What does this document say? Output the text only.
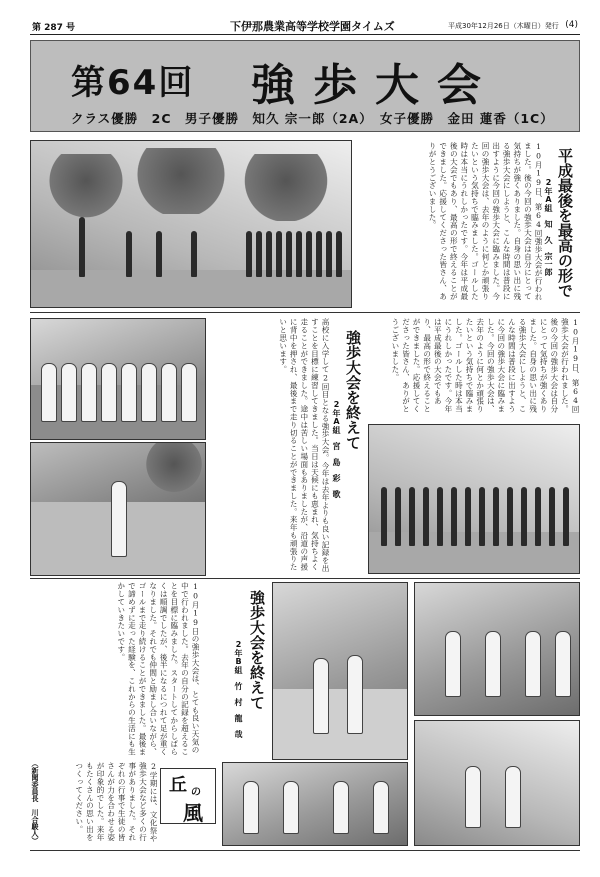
第 287 号	下伊那農業高等学校学園タイムズ	平成30年12月26日（木曜日）発行 (4)
第64回 強歩大会
クラス優勝　2C　男子優勝　知久 宗一郎（2A）　女子優勝　金田 蓮香（1C）
10月19日、第64回強歩大会が行われました。後の今回の強歩大会は自分にとって気持ちが強くありました。自身の思い出に残る強歩大会にしようと、こんな時間は普段に出すように今回の強歩大会に臨みました。今回の強歩大会は、去年のように何とか頑張りたいという気持ちで臨みました。ゴールした時は本当にうれしかったです。今年は平成最後の大会でもあり、最高の形で終えることができました。応援してくださった皆さん、ありがとうございました。	平成最後を最高の形で
2年A組　知　久　宗一郎
高校に入学して2回目となる強歩大会。今年は去年よりも良い記録を出すことを目標に練習してきました。当日は天候にも恵まれ、気持ちよく走ることができました。途中は苦しい場面もありましたが、沿道の声援に背中を押され、最後まで走り切ることができました。来年も頑張りたいと思います。
2年A組　宮　島　彩　歌 強歩大会を終えて	10月19日、第64回強歩大会が行われました。後の今回の強歩大会は自分にとって気持ちが強くありました。自身の思い出に残る強歩大会にしようと、こんな時間は普段に出すように今回の強歩大会に臨みました。今回の強歩大会は、去年のように何とか頑張りたいという気持ちで臨みました。ゴールした時は本当にうれしかったです。今年は平成最後の大会でもあり、最高の形で終えることができました。応援してくださった皆さん、ありがとうございました。
10月19日の強歩大会は、とても良い天気の中で行われました。去年の自分の記録を超えることを目標に臨みました。スタートしてからしばらくは順調でしたが、後半になるにつれて足が重くなりました。それでも仲間と励まし合いながら、ゴールまで走り続けることができました。最後まで諦めずに走った経験を、これからの生活にも生かしていきたいです。
2年B組　竹　村　龍　哉 強歩大会を終えて
丘 の
風
2学期には、文化祭や強歩大会など多くの行事がありました。それぞれの行事で生徒の皆さんが力を合わせる姿が印象的でした。来年もたくさんの思い出をつくってください。
（新聞委員長　川合駿人）
